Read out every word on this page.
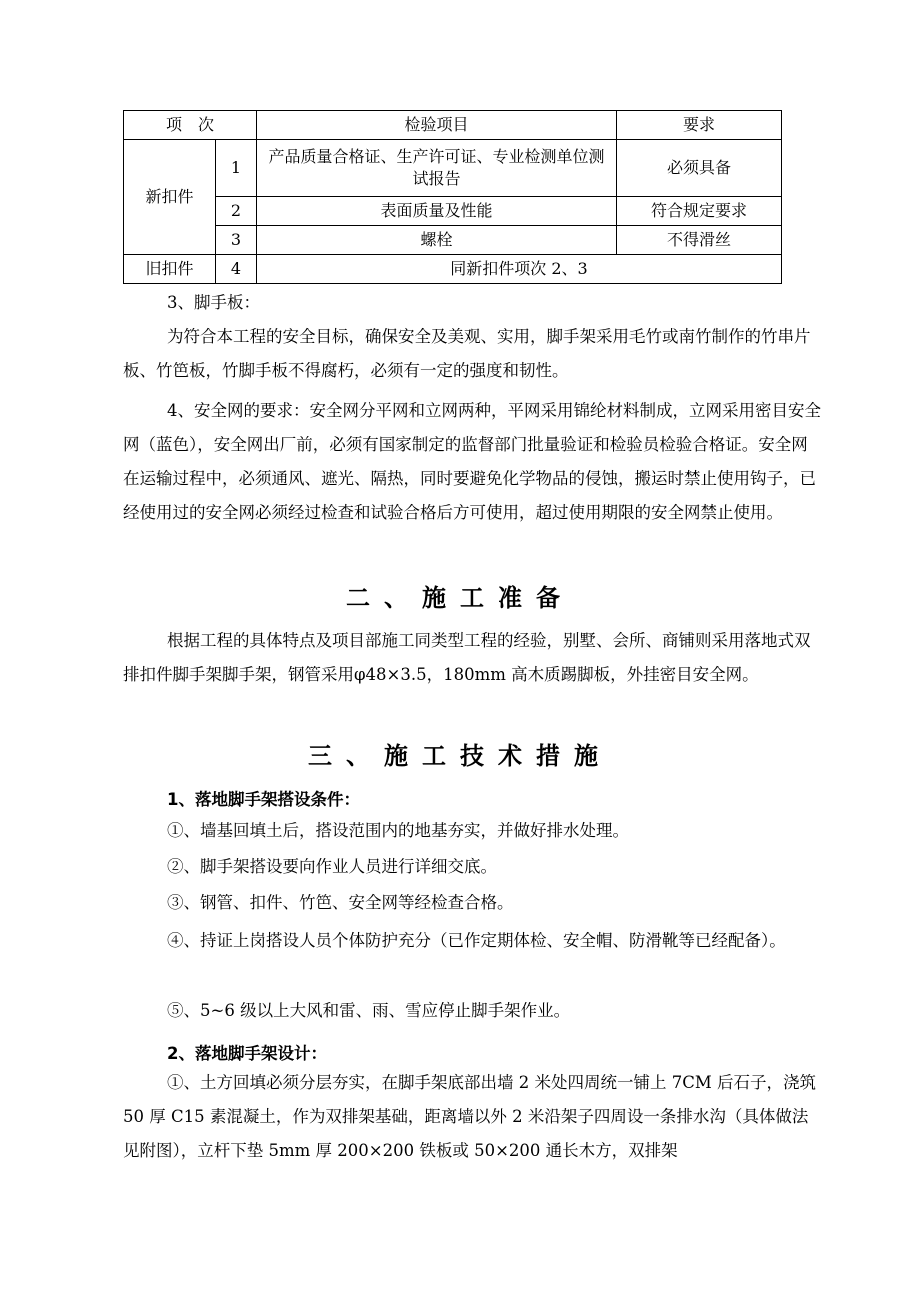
项　次		检验项目	要求
新扣件	1	产品质量合格证、生产许可证、专业检测单位测试报告	必须具备
	2	表面质量及性能	符合规定要求
	3	螺栓	不得滑丝
旧扣件	4	同新扣件项次 2、3	

3、脚手板：

为符合本工程的安全目标，确保安全及美观、实用，脚手架采用毛竹或南竹制作的竹串片板、竹笆板，竹脚手板不得腐朽，必须有一定的强度和韧性。

4、安全网的要求：安全网分平网和立网两种，平网采用锦纶材料制成，立网采用密目安全网（蓝色），安全网出厂前，必须有国家制定的监督部门批量验证和检验员检验合格证。安全网在运输过程中，必须通风、遮光、隔热，同时要避免化学物品的侵蚀，搬运时禁止使用钩子，已经使用过的安全网必须经过检查和试验合格后方可使用，超过使用期限的安全网禁止使用。

二、施工准备

根据工程的具体特点及项目部施工同类型工程的经验，别墅、会所、商铺则采用落地式双排扣件脚手架脚手架，钢管采用φ48×3.5，180mm 高木质踢脚板，外挂密目安全网。

三、施工技术措施

1、落地脚手架搭设条件：

①、墙基回填土后，搭设范围内的地基夯实，并做好排水处理。

②、脚手架搭设要向作业人员进行详细交底。

③、钢管、扣件、竹笆、安全网等经检查合格。

④、持证上岗搭设人员个体防护充分（已作定期体检、安全帽、防滑靴等已经配备）。

⑤、5~6 级以上大风和雷、雨、雪应停止脚手架作业。

2、落地脚手架设计：

①、土方回填必须分层夯实，在脚手架底部出墙 2 米处四周统一铺上 7CM 后石子，浇筑 50 厚 C15 素混凝土，作为双排架基础，距离墙以外 2 米沿架子四周设一条排水沟（具体做法见附图），立杆下垫 5mm 厚 200×200 铁板或 50×200 通长木方，双排架
